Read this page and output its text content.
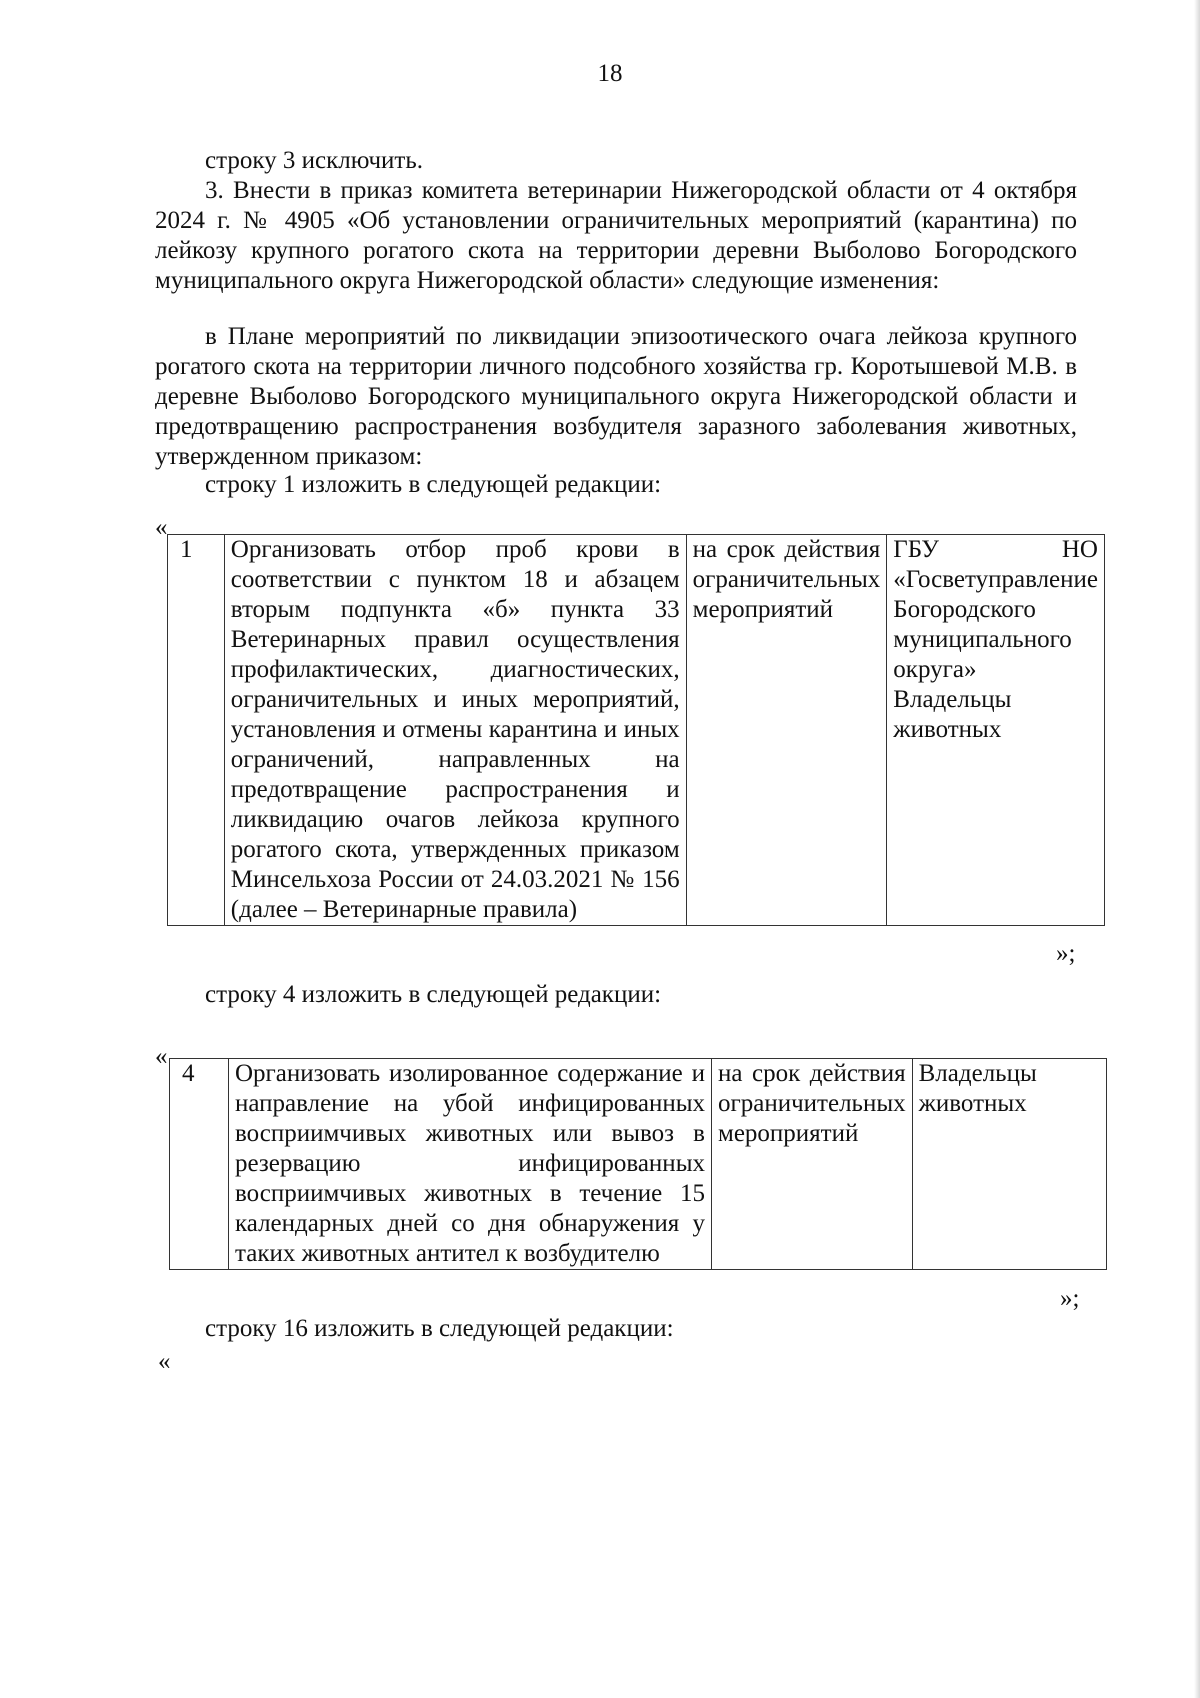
18

строку 3 исключить.

3. Внести в приказ комитета ветеринарии Нижегородской области от 4 октября 2024 г. № 4905 «Об установлении ограничительных мероприятий (карантина) по лейкозу крупного рогатого скота на территории деревни Выболово Богородского муниципального округа Нижегородской области» следующие изменения:

в Плане мероприятий по ликвидации эпизоотического очага лейкоза крупного рогатого скота на территории личного подсобного хозяйства гр. Коротышевой М.В. в деревне Выболово Богородского муниципального округа Нижегородской области и предотвращению распространения возбудителя заразного заболевания животных, утвержденном приказом:

строку 1 изложить в следующей редакции:

«
1	Организовать отбор проб крови в соответствии с пунктом 18 и абзацем вторым подпункта «б» пункта 33 Ветеринарных правил осуществления профилактических, диагностических, ограничительных и иных мероприятий, установления и отмены карантина и иных ограничений, направленных на предотвращение распространения и ликвидацию очагов лейкоза крупного рогатого скота, утвержденных приказом Минсельхоза России от 24.03.2021 № 156 (далее – Ветеринарные правила)	на срок действия ограничительных мероприятий	ГБУ НО «Госветуправление Богородского муниципального округа» Владельцы животных
»;

строку 4 изложить в следующей редакции:

«
4	Организовать изолированное содержание и направление на убой инфицированных восприимчивых животных или вывоз в резервацию инфицированных восприимчивых животных в течение 15 календарных дней со дня обнаружения у таких животных антител к возбудителю	на срок действия ограничительных мероприятий	Владельцы животных
»;

строку 16 изложить в следующей редакции:

«
